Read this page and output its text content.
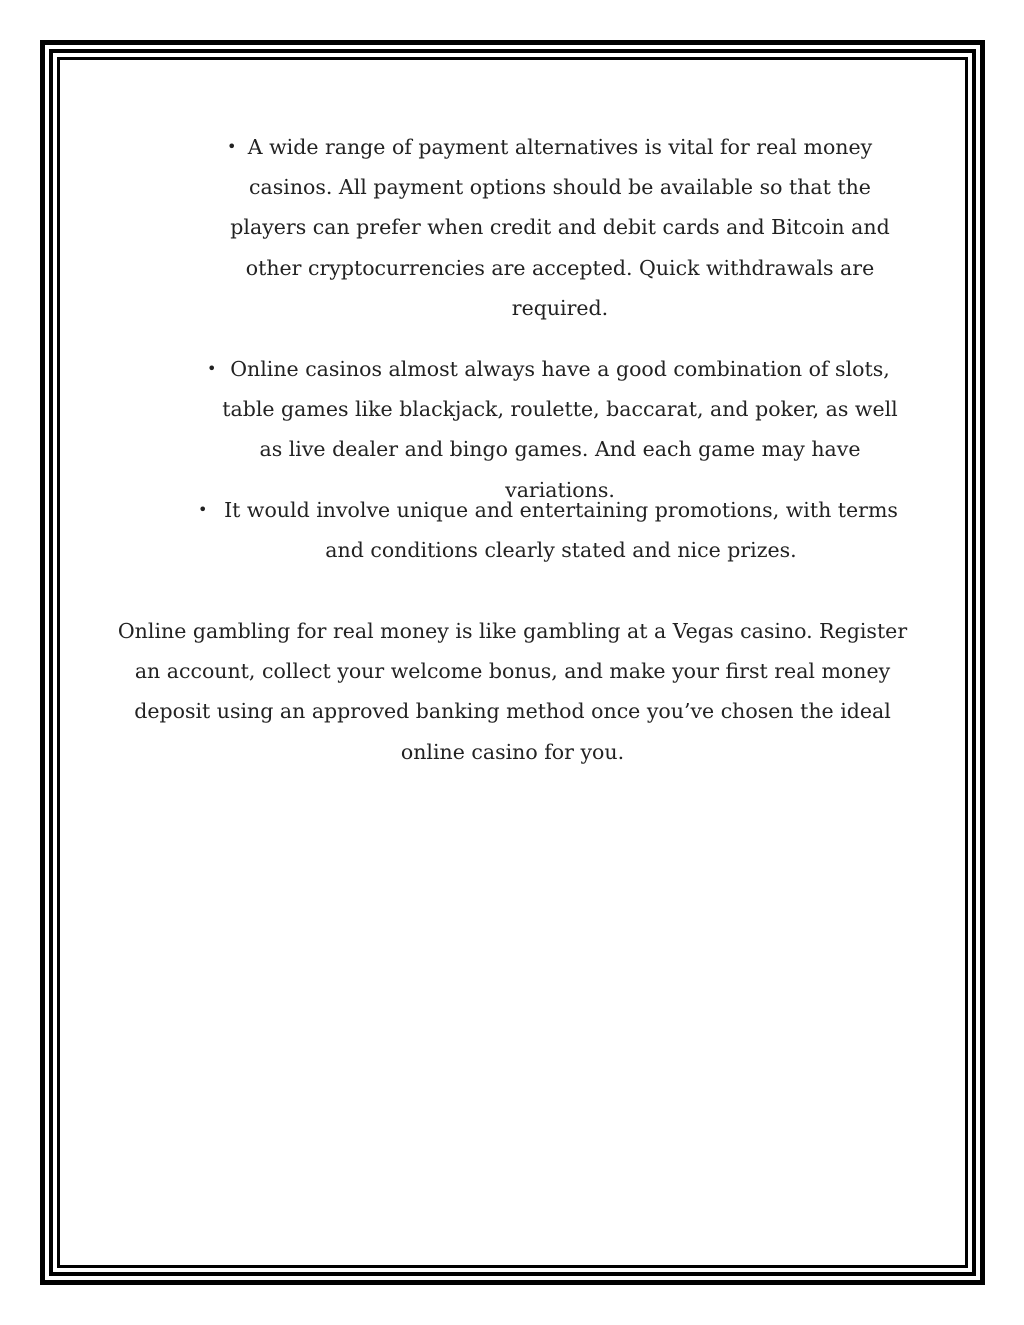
• A wide range of payment alternatives is vital for real money casinos. All payment options should be available so that the players can prefer when credit and debit cards and Bitcoin and other cryptocurrencies are accepted. Quick withdrawals are required.

• Online casinos almost always have a good combination of slots, table games like blackjack, roulette, baccarat, and poker, as well as live dealer and bingo games. And each game may have variations.

• It would involve unique and entertaining promotions, with terms and conditions clearly stated and nice prizes.

Online gambling for real money is like gambling at a Vegas casino. Register an account, collect your welcome bonus, and make your first real money deposit using an approved banking method once you’ve chosen the ideal online casino for you.
